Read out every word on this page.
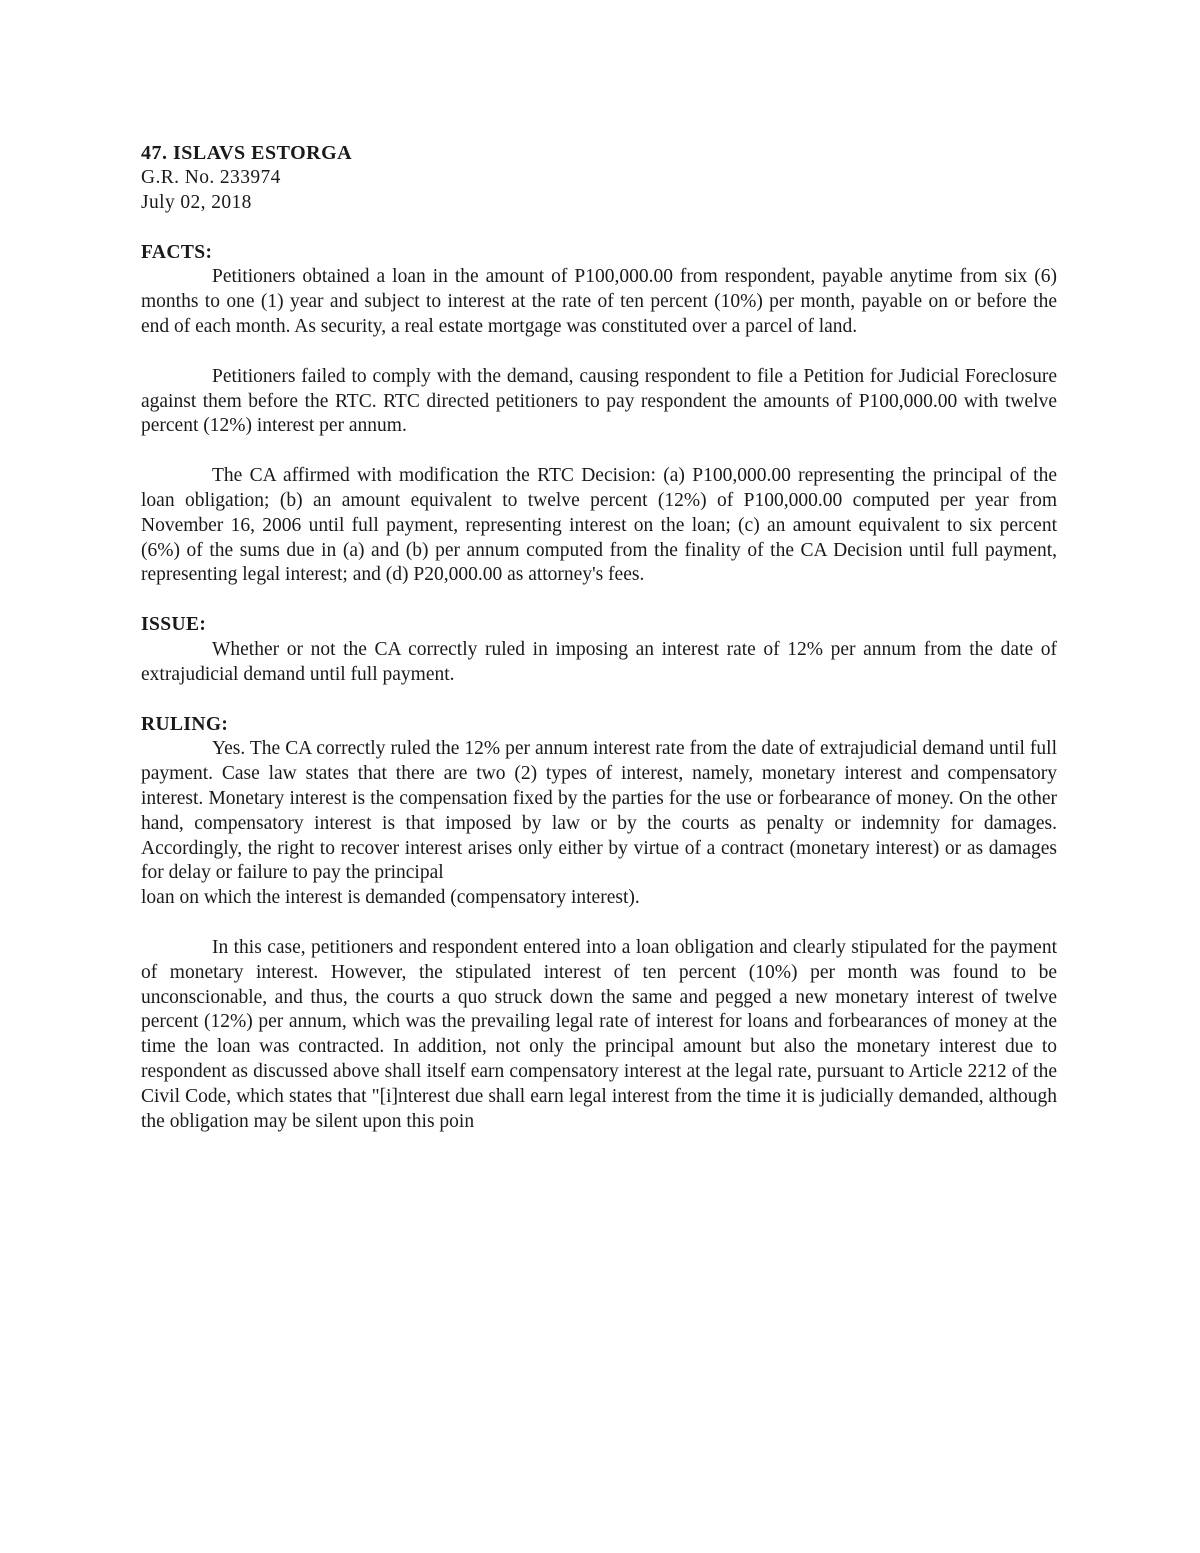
47. ISLAVS ESTORGA

G.R. No. 233974

July 02, 2018

FACTS:

Petitioners obtained a loan in the amount of P100,000.00 from respondent, payable anytime from six (6) months to one (1) year and subject to interest at the rate of ten percent (10%) per month, payable on or before the end of each month. As security, a real estate mortgage was constituted over a parcel of land.

Petitioners failed to comply with the demand, causing respondent to file a Petition for Judicial Foreclosure against them before the RTC. RTC directed petitioners to pay respondent the amounts of P100,000.00 with twelve percent (12%) interest per annum.

The CA affirmed with modification the RTC Decision: (a) P100,000.00 representing the principal of the loan obligation; (b) an amount equivalent to twelve percent (12%) of P100,000.00 computed per year from November 16, 2006 until full payment, representing interest on the loan; (c) an amount equivalent to six percent (6%) of the sums due in (a) and (b) per annum computed from the finality of the CA Decision until full payment, representing legal interest; and (d) P20,000.00 as attorney's fees.

ISSUE:

Whether or not the CA correctly ruled in imposing an interest rate of 12% per annum from the date of extrajudicial demand until full payment.

RULING:

Yes. The CA correctly ruled the 12% per annum interest rate from the date of extrajudicial demand until full payment. Case law states that there are two (2) types of interest, namely, monetary interest and compensatory interest. Monetary interest is the compensation fixed by the parties for the use or forbearance of money. On the other hand, compensatory interest is that imposed by law or by the courts as penalty or indemnity for damages. Accordingly, the right to recover interest arises only either by virtue of a contract (monetary interest) or as damages for delay or failure to pay the principal

loan on which the interest is demanded (compensatory interest).

In this case, petitioners and respondent entered into a loan obligation and clearly stipulated for the payment of monetary interest. However, the stipulated interest of ten percent (10%) per month was found to be unconscionable, and thus, the courts a quo struck down the same and pegged a new monetary interest of twelve percent (12%) per annum, which was the prevailing legal rate of interest for loans and forbearances of money at the time the loan was contracted. In addition, not only the principal amount but also the monetary interest due to respondent as discussed above shall itself earn compensatory interest at the legal rate, pursuant to Article 2212 of the Civil Code, which states that "[i]nterest due shall earn legal interest from the time it is judicially demanded, although the obligation may be silent upon this poin
